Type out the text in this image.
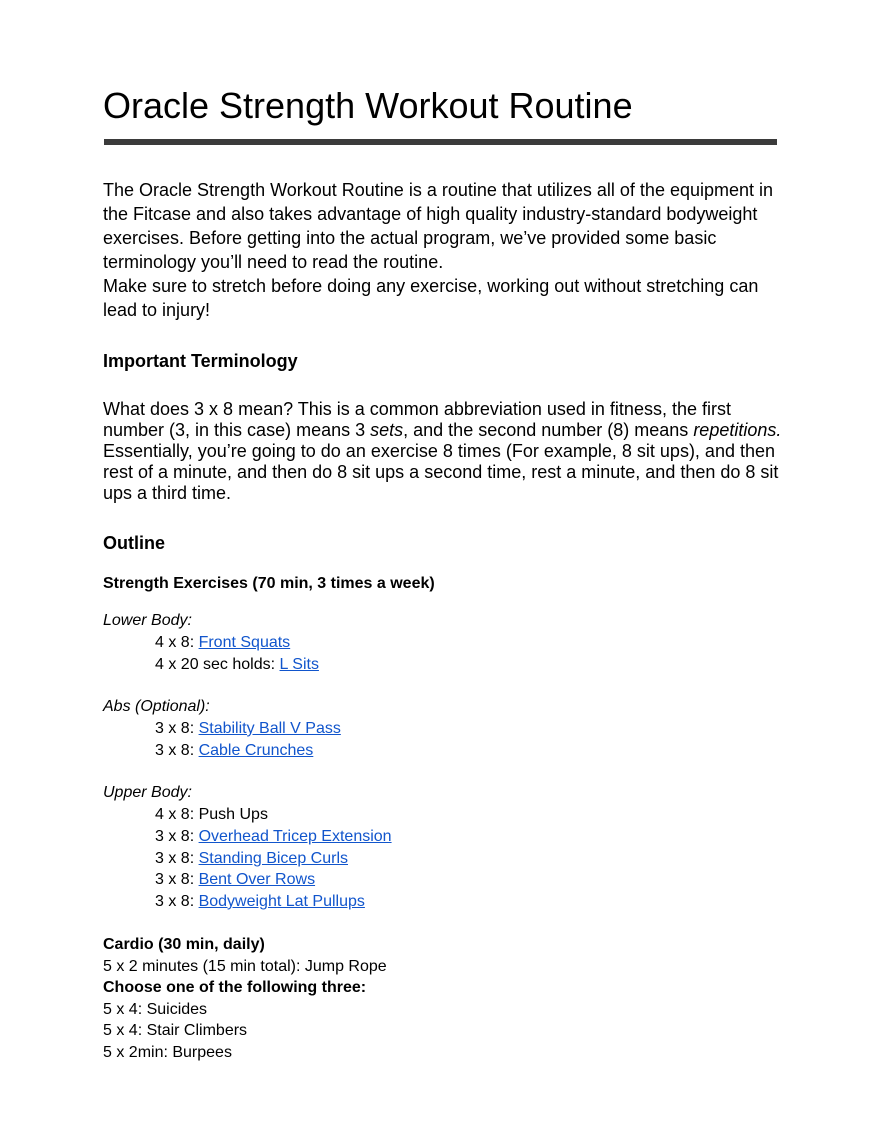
Oracle Strength Workout Routine

The Oracle Strength Workout Routine is a routine that utilizes all of the equipment in the Fitcase and also takes advantage of high quality industry-standard bodyweight exercises. Before getting into the actual program, we’ve provided some basic terminology you’ll need to read the routine.

Make sure to stretch before doing any exercise, working out without stretching can lead to injury!

Important Terminology
What does 3 x 8 mean? This is a common abbreviation used in fitness, the first number (3, in this case) means 3 sets, and the second number (8) means repetitions. Essentially, you’re going to do an exercise 8 times (For example, 8 sit ups), and then rest of a minute, and then do 8 sit ups a second time, rest a minute, and then do 8 sit ups a third time.
Outline
Strength Exercises (70 min, 3 times a week)
Lower Body:
4 x 8: Front Squats
4 x 20 sec holds: L Sits
Abs (Optional):
3 x 8: Stability Ball V Pass
3 x 8: Cable Crunches
Upper Body:
4 x 8: Push Ups
3 x 8: Overhead Tricep Extension
3 x 8: Standing Bicep Curls
3 x 8: Bent Over Rows
3 x 8: Bodyweight Lat Pullups
Cardio (30 min, daily)
5 x 2 minutes (15 min total): Jump Rope
Choose one of the following three:
5 x 4: Suicides
5 x 4: Stair Climbers
5 x 2min: Burpees
